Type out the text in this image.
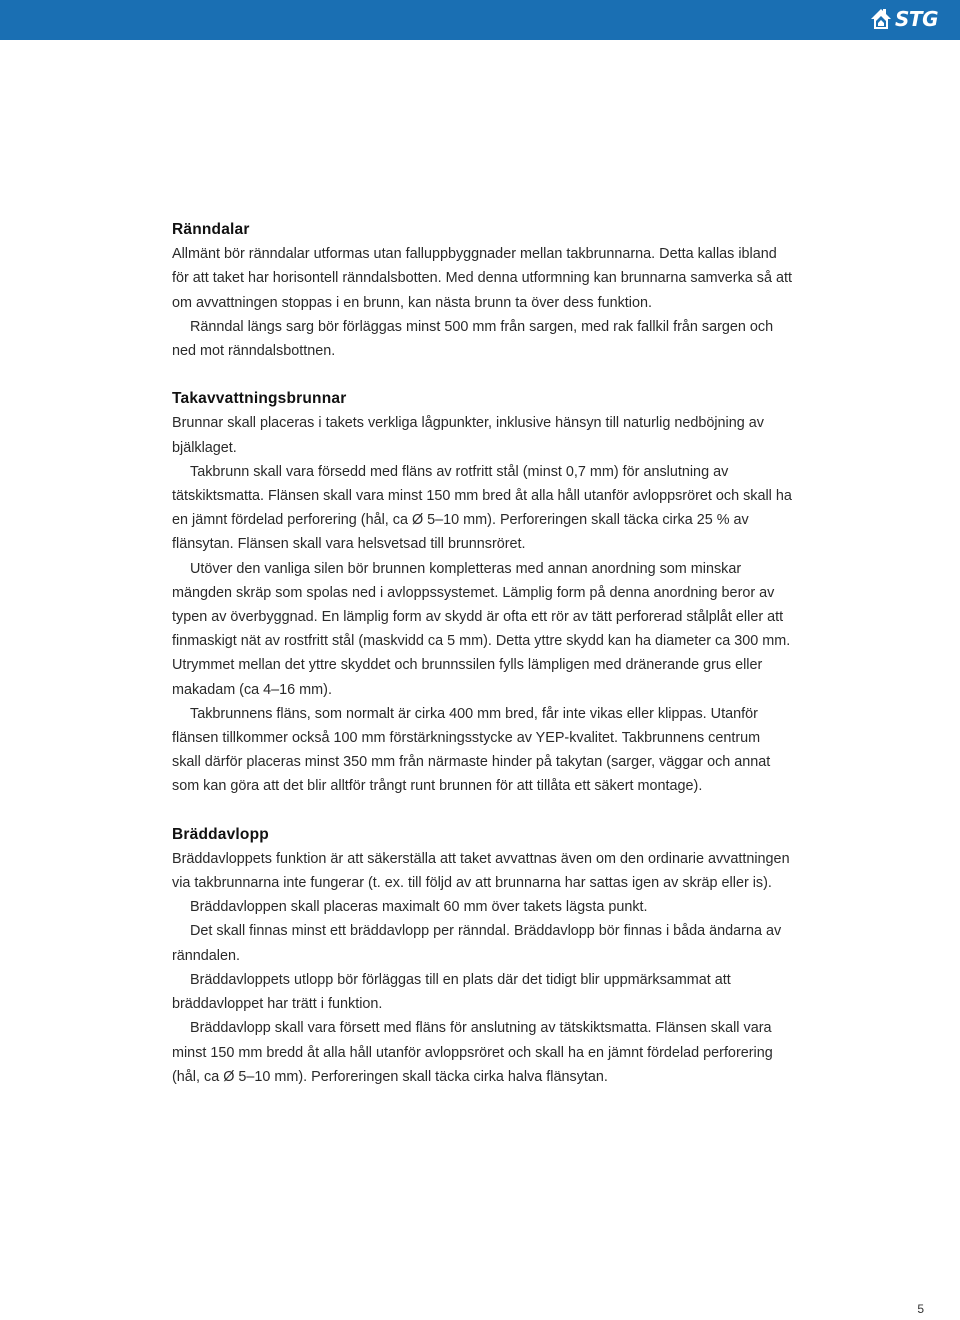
STG
Ränndalar

Allmänt bör ränndalar utformas utan falluppbyggnader mellan takbrunnarna. Detta kallas ibland för att taket har horisontell ränndalsbotten. Med denna utformning kan brunnarna samverka så att om avvattningen stoppas i en brunn, kan nästa brunn ta över dess funktion.

Ränndal längs sarg bör förläggas minst 500 mm från sargen, med rak fallkil från sargen och ned mot ränndalsbottnen.

Takavvattningsbrunnar

Brunnar skall placeras i takets verkliga lågpunkter, inklusive hänsyn till naturlig nedböjning av bjälklaget.

Takbrunn skall vara försedd med fläns av rotfritt stål (minst 0,7 mm) för anslutning av tätskiktsmatta. Flänsen skall vara minst 150 mm bred åt alla håll utanför avloppsröret och skall ha en jämnt fördelad perforering (hål, ca Ø 5–10 mm). Perforeringen skall täcka cirka 25 % av flänsytan. Flänsen skall vara helsvetsad till brunnsröret.

Utöver den vanliga silen bör brunnen kompletteras med annan anordning som minskar mängden skräp som spolas ned i avloppssystemet. Lämplig form på denna anordning beror av typen av överbyggnad. En lämplig form av skydd är ofta ett rör av tätt perforerad stålplåt eller att finmaskigt nät av rostfritt stål (maskvidd ca 5 mm). Detta yttre skydd kan ha diameter ca 300 mm. Utrymmet mellan det yttre skyddet och brunnssilen fylls lämpligen med dränerande grus eller makadam (ca 4–16 mm).

Takbrunnens fläns, som normalt är cirka 400 mm bred, får inte vikas eller klippas. Utanför flänsen tillkommer också 100 mm förstärkningsstycke av YEP-kvalitet. Takbrunnens centrum skall därför placeras minst 350 mm från närmaste hinder på takytan (sarger, väggar och annat som kan göra att det blir alltför trångt runt brunnen för att tillåta ett säkert montage).

Bräddavlopp

Bräddavloppets funktion är att säkerställa att taket avvattnas även om den ordinarie avvattningen via takbrunnarna inte fungerar (t. ex. till följd av att brunnarna har sattas igen av skräp eller is).

Bräddavloppen skall placeras maximalt 60 mm över takets lägsta punkt.

Det skall finnas minst ett bräddavlopp per ränndal. Bräddavlopp bör finnas i båda ändarna av ränndalen.

Bräddavloppets utlopp bör förläggas till en plats där det tidigt blir uppmärksammat att bräddavloppet har trätt i funktion.

Bräddavlopp skall vara försett med fläns för anslutning av tätskiktsmatta. Flänsen skall vara minst 150 mm bredd åt alla håll utanför avloppsröret och skall ha en jämnt fördelad perforering (hål, ca Ø 5–10 mm). Perforeringen skall täcka cirka halva flänsytan.

5
